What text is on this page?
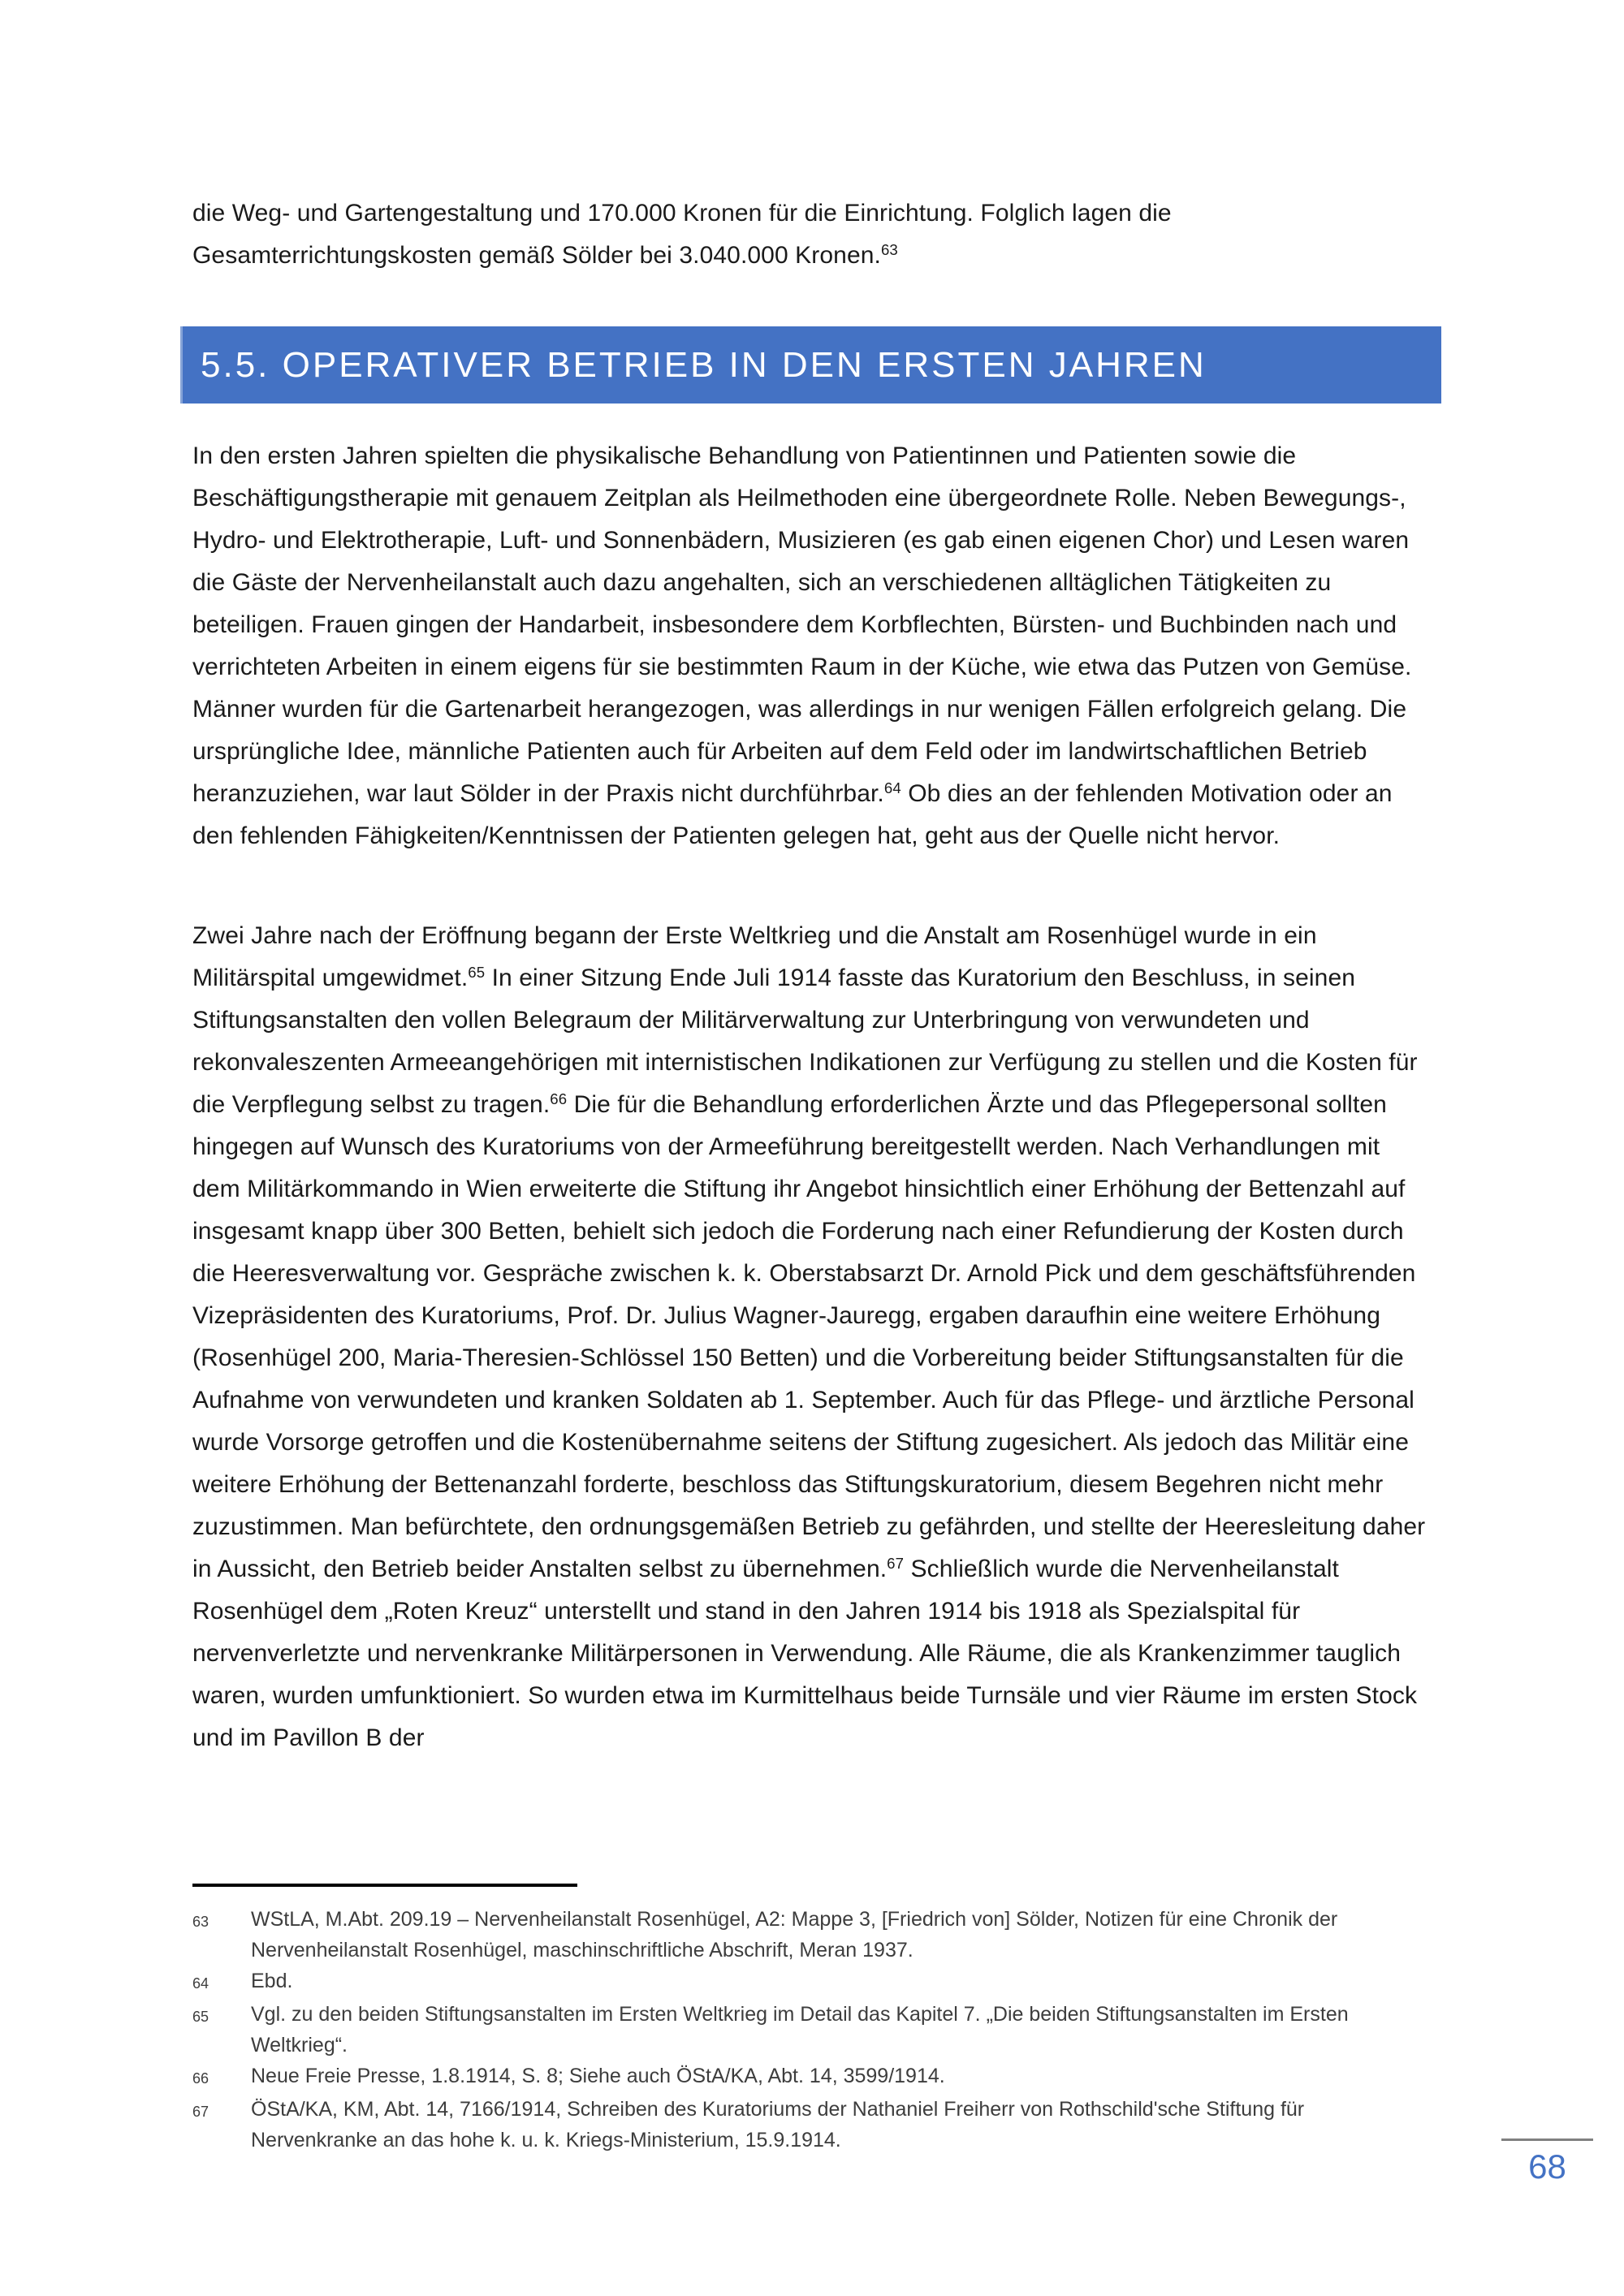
die Weg- und Gartengestaltung und 170.000 Kronen für die Einrichtung. Folglich lagen die Gesamterrichtungskosten gemäß Sölder bei 3.040.000 Kronen.$^{63}$

5.5. OPERATIVER BETRIEB IN DEN ERSTEN JAHREN

In den ersten Jahren spielten die physikalische Behandlung von Patientinnen und Patienten sowie die Beschäftigungstherapie mit genauem Zeitplan als Heilmethoden eine übergeordnete Rolle. Neben Bewegungs-, Hydro- und Elektrotherapie, Luft- und Sonnenbädern, Musizieren (es gab einen eigenen Chor) und Lesen waren die Gäste der Nervenheilanstalt auch dazu angehalten, sich an verschiedenen alltäglichen Tätigkeiten zu beteiligen. Frauen gingen der Handarbeit, insbesondere dem Korbflechten, Bürsten- und Buchbinden nach und verrichteten Arbeiten in einem eigens für sie bestimmten Raum in der Küche, wie etwa das Putzen von Gemüse. Männer wurden für die Gartenarbeit herangezogen, was allerdings in nur wenigen Fällen erfolgreich gelang. Die ursprüngliche Idee, männliche Patienten auch für Arbeiten auf dem Feld oder im landwirtschaftlichen Betrieb heranzuziehen, war laut Sölder in der Praxis nicht durchführbar.$^{64}$ Ob dies an der fehlenden Motivation oder an den fehlenden Fähigkeiten/Kenntnissen der Patienten gelegen hat, geht aus der Quelle nicht hervor.

Zwei Jahre nach der Eröffnung begann der Erste Weltkrieg und die Anstalt am Rosenhügel wurde in ein Militärspital umgewidmet.$^{65}$ In einer Sitzung Ende Juli 1914 fasste das Kuratorium den Beschluss, in seinen Stiftungsanstalten den vollen Belegraum der Militärverwaltung zur Unterbringung von verwundeten und rekonvaleszenten Armeeangehörigen mit internistischen Indikationen zur Verfügung zu stellen und die Kosten für die Verpflegung selbst zu tragen.$^{66}$ Die für die Behandlung erforderlichen Ärzte und das Pflegepersonal sollten hingegen auf Wunsch des Kuratoriums von der Armeeführung bereitgestellt werden. Nach Verhandlungen mit dem Militärkommando in Wien erweiterte die Stiftung ihr Angebot hinsichtlich einer Erhöhung der Bettenzahl auf insgesamt knapp über 300 Betten, behielt sich jedoch die Forderung nach einer Refundierung der Kosten durch die Heeresverwaltung vor. Gespräche zwischen k. k. Oberstabsarzt Dr. Arnold Pick und dem geschäftsführenden Vizepräsidenten des Kuratoriums, Prof. Dr. Julius Wagner-Jauregg, ergaben daraufhin eine weitere Erhöhung (Rosenhügel 200, Maria-Theresien-Schlössel 150 Betten) und die Vorbereitung beider Stiftungsanstalten für die Aufnahme von verwundeten und kranken Soldaten ab 1. September. Auch für das Pflege- und ärztliche Personal wurde Vorsorge getroffen und die Kostenübernahme seitens der Stiftung zugesichert. Als jedoch das Militär eine weitere Erhöhung der Bettenanzahl forderte, beschloss das Stiftungskuratorium, diesem Begehren nicht mehr zuzustimmen. Man befürchtete, den ordnungsgemäßen Betrieb zu gefährden, und stellte der Heeresleitung daher in Aussicht, den Betrieb beider Anstalten selbst zu übernehmen.$^{67}$ Schließlich wurde die Nervenheilanstalt Rosenhügel dem „Roten Kreuz“ unterstellt und stand in den Jahren 1914 bis 1918 als Spezialspital für nervenverletzte und nervenkranke Militärpersonen in Verwendung. Alle Räume, die als Krankenzimmer tauglich waren, wurden umfunktioniert. So wurden etwa im Kurmittelhaus beide Turnsäle und vier Räume im ersten Stock und im Pavillon B der

63	WStLA, M.Abt. 209.19 – Nervenheilanstalt Rosenhügel, A2: Mappe 3, [Friedrich von] Sölder, Notizen für eine Chronik der Nervenheilanstalt Rosenhügel, maschinschriftliche Abschrift, Meran 1937.
64	Ebd.
65	Vgl. zu den beiden Stiftungsanstalten im Ersten Weltkrieg im Detail das Kapitel 7. „Die beiden Stiftungsanstalten im Ersten Weltkrieg“.
66	Neue Freie Presse, 1.8.1914, S. 8; Siehe auch ÖStA/KA, Abt. 14, 3599/1914.
67	ÖStA/KA, KM, Abt. 14, 7166/1914, Schreiben des Kuratoriums der Nathaniel Freiherr von Rothschild'sche Stiftung für Nervenkranke an das hohe k. u. k. Kriegs-Ministerium, 15.9.1914.
68
